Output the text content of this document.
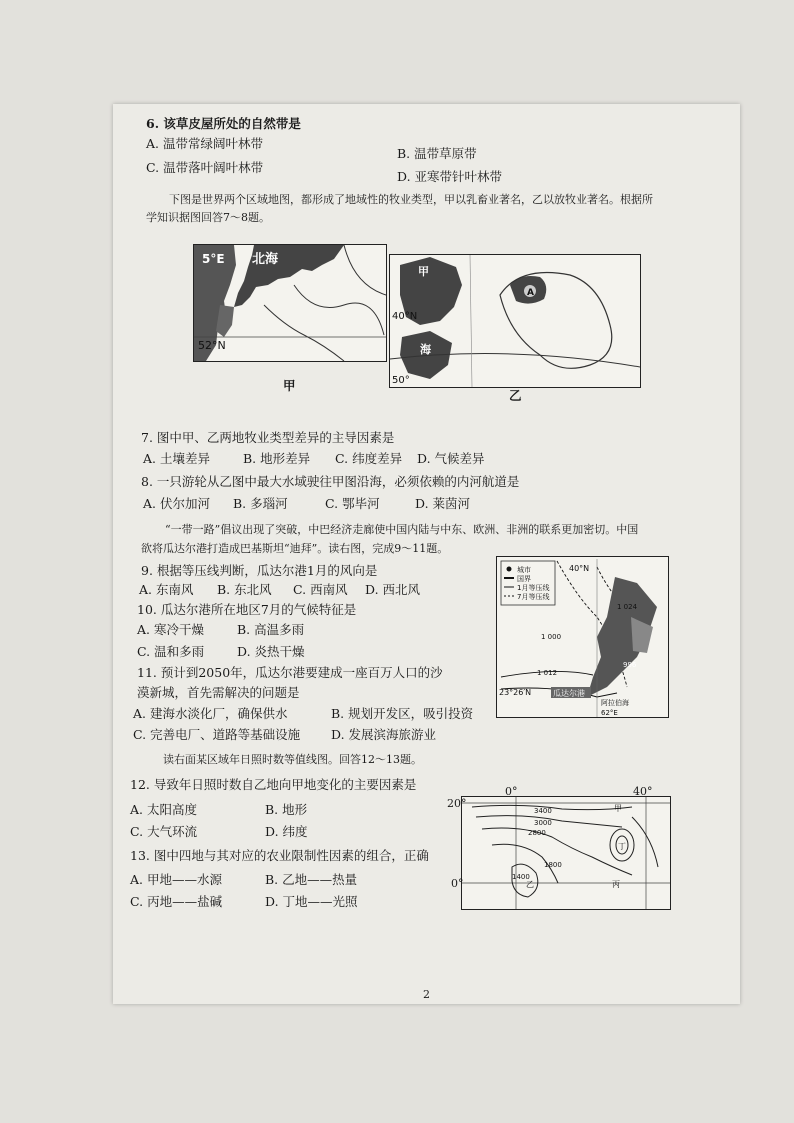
6. 该草皮屋所处的自然带是
A. 温带常绿阔叶林带
B. 温带草原带
C. 温带落叶阔叶林带
D. 亚寒带针叶林带
下图是世界两个区域地图，都形成了地域性的牧业类型，甲以乳畜业著名，乙以放牧业著名。根据所
学知识据图回答7～8题。
5°E 北海
52°N
甲
A
甲
40°N
海
50°
乙
7. 图中甲、乙两地牧业类型差异的主导因素是
A. 土壤差异	B. 地形差异 C. 纬度差异 D. 气候差异
8. 一只游轮从乙图中最大水域驶往甲图沿海，必须依赖的内河航道是
A. 伏尔加河 B. 多瑙河	C. 鄂毕河	D. 莱茵河
“一带一路”倡议出现了突破，中巴经济走廊使中国内陆与中东、欧洲、非洲的联系更加密切。中国
欲将瓜达尔港打造成巴基斯坦“迪拜”。读右图，完成9～11题。
9. 根据等压线判断，瓜达尔港1月的风向是
A. 东南风 B. 东北风 C. 西南风 D. 西北风
10. 瓜达尔港所在地区7月的气候特征是
A. 寒冷干燥	B. 高温多雨
C. 温和多雨	D. 炎热干燥
11. 预计到2050年，瓜达尔港要建成一座百万人口的沙
漠新城，首先需解决的问题是
A. 建海水淡化厂，确保供水	B. 规划开发区，吸引投资
C. 完善电厂、道路等基础设施 D. 发展滨海旅游业
城市
国界
1月等压线
7月等压线
40°N
1 024
1 000
1 012
996
23°26′N	瓜达尔港
阿拉伯海
62°E
读右面某区域年日照时数等值线图。回答12～13题。
12. 导致年日照时数自乙地向甲地变化的主要因素是
A. 太阳高度	B. 地形
C. 大气环流	D. 纬度
13. 图中四地与其对应的农业限制性因素的组合，正确
A. 甲地——水源	B. 乙地——热量
C. 丙地——盐碱	D. 丁地——光照
3400
3000
2800
1800
1400
甲
乙	丙
丁
0°	40°
20°
0°
2
